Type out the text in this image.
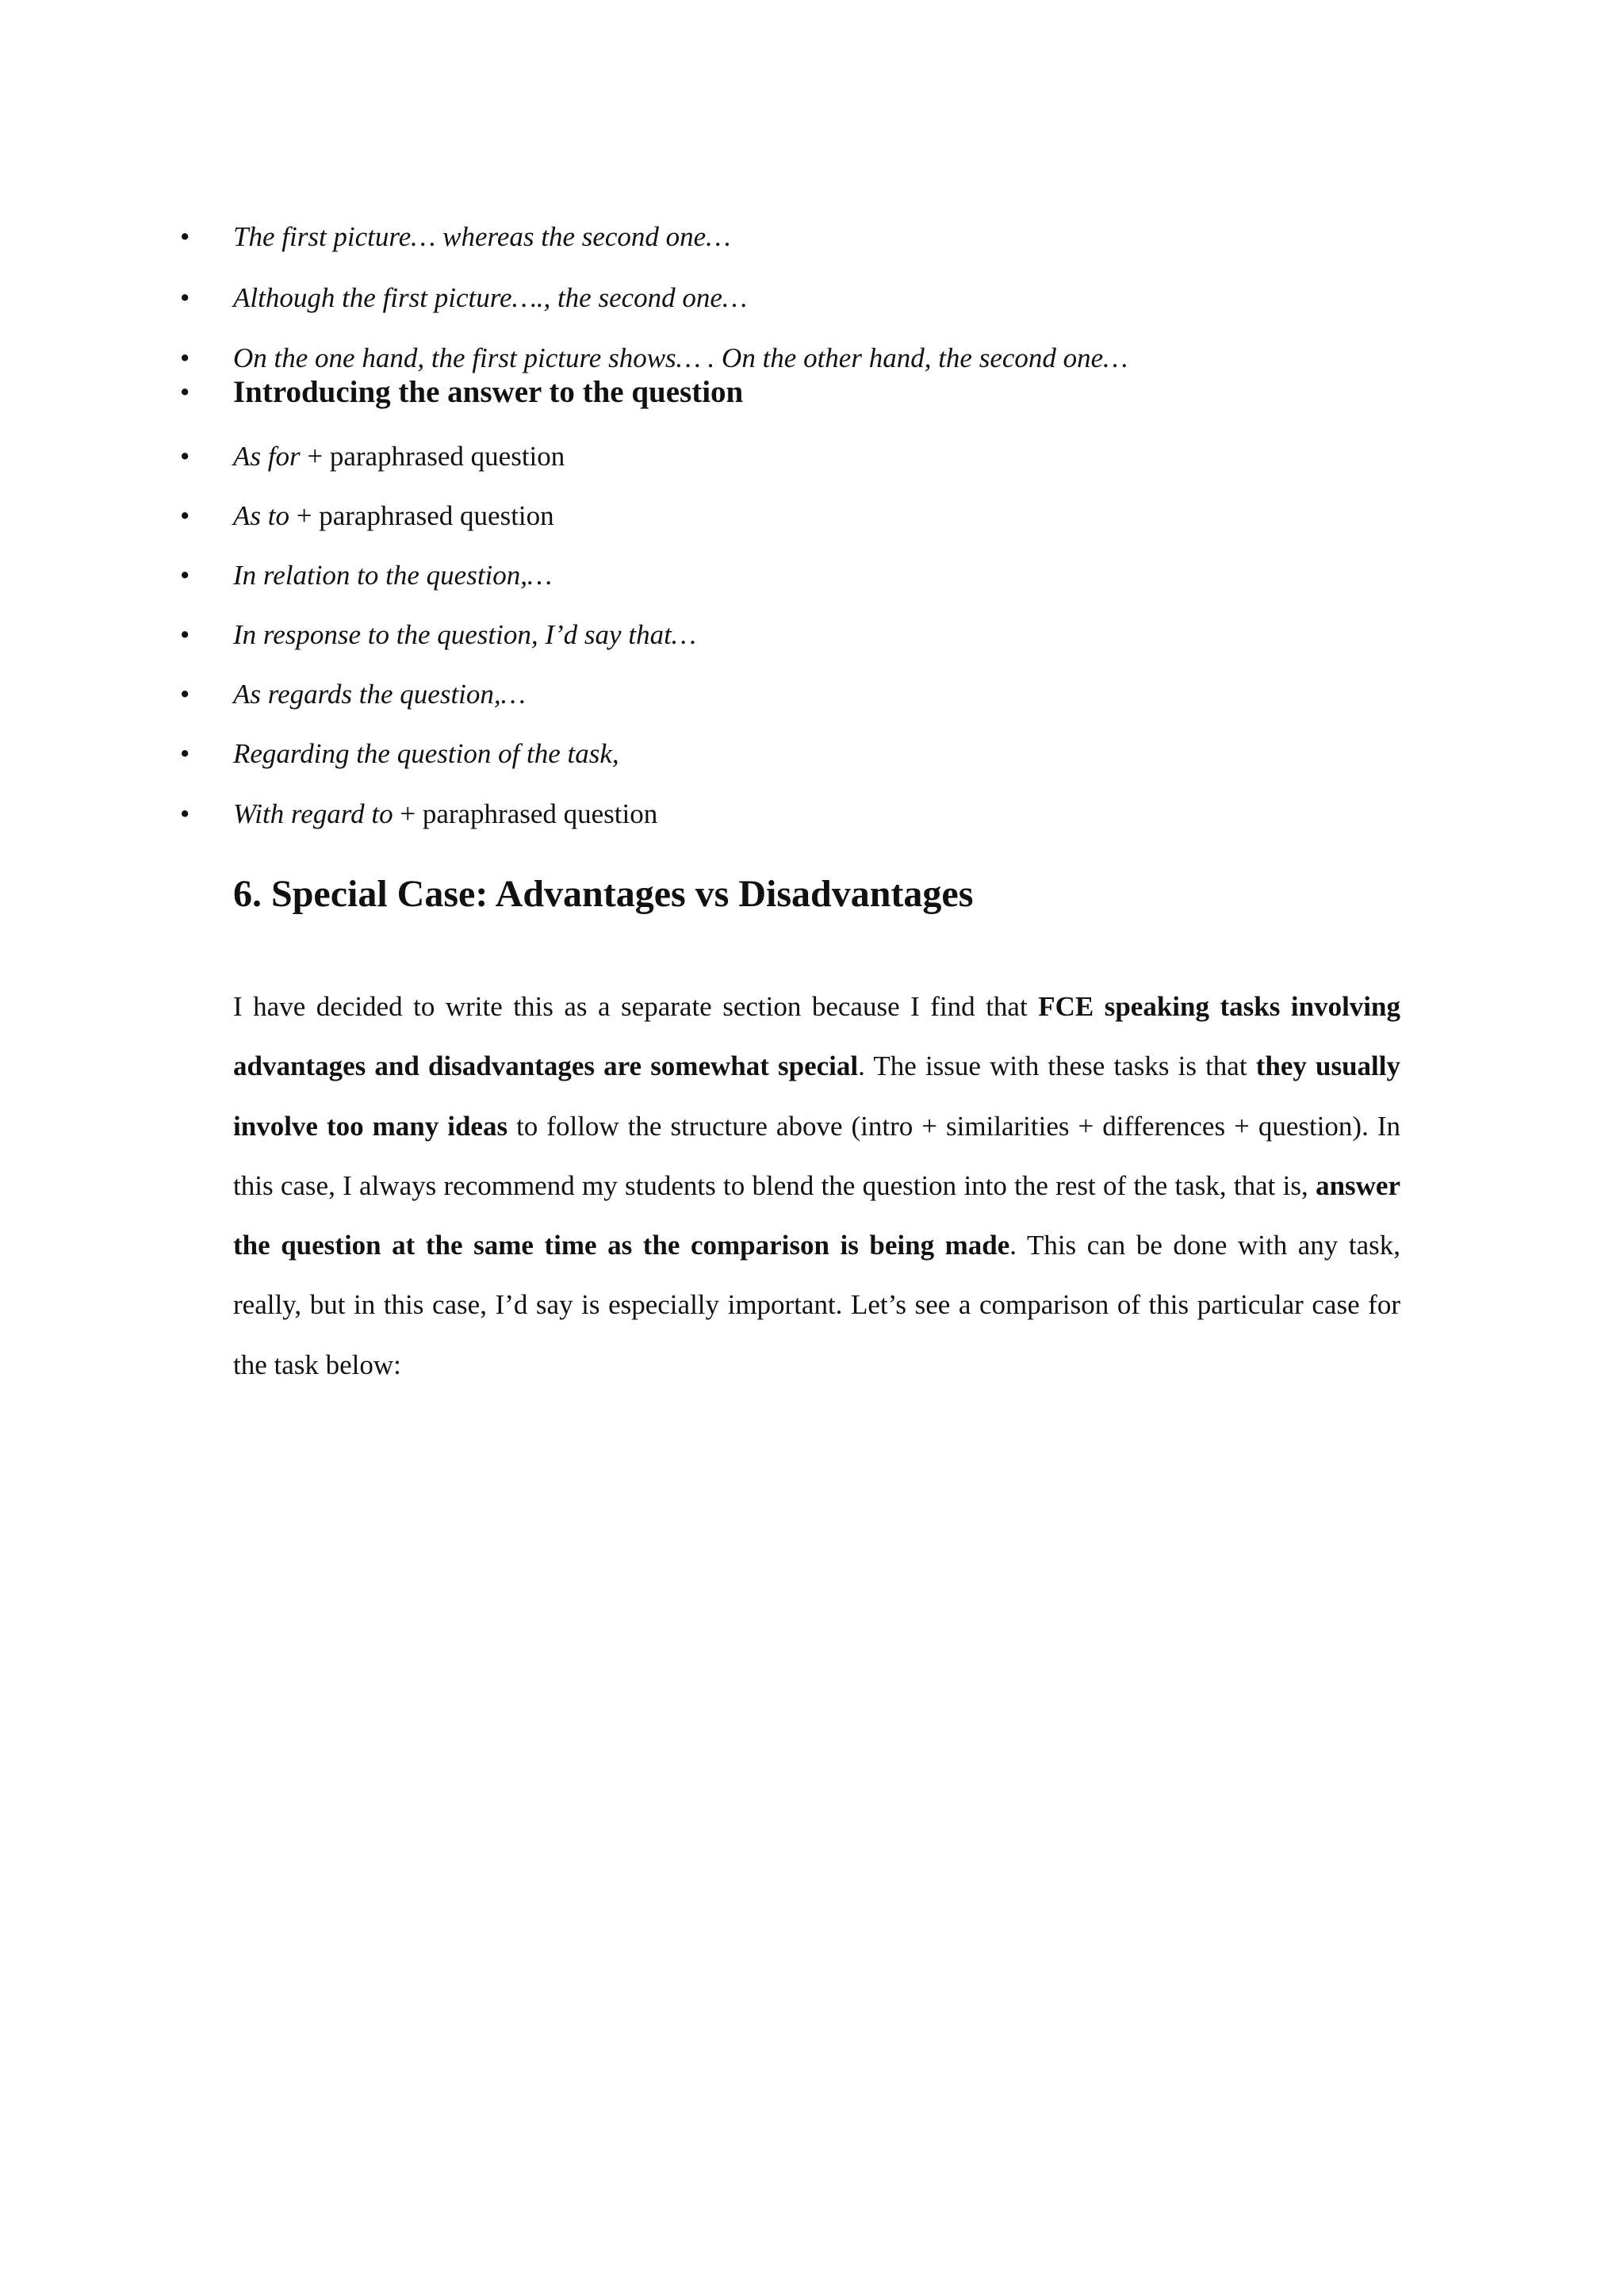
•	The first picture… whereas the second one…
•	Although the first picture…., the second one…
•	On the one hand, the first picture shows… . On the other hand, the second one…
•	Introducing the answer to the question
•	As for + paraphrased question
•	As to + paraphrased question
•	In relation to the question,…
•	In response to the question, I’d say that…
•	As regards the question,…
•	Regarding the question of the task,
•	With regard to + paraphrased question
6. Special Case: Advantages vs Disadvantages
I have decided to write this as a separate section because I find that FCE speaking tasks involving advantages and disadvantages are somewhat special. The issue with these tasks is that they usually involve too many ideas to follow the structure above (intro + similarities + differences + question). In this case, I always recommend my students to blend the question into the rest of the task, that is, answer the question at the same time as the comparison is being made. This can be done with any task, really, but in this case, I’d say is especially important. Let’s see a comparison of this particular case for the task below:
